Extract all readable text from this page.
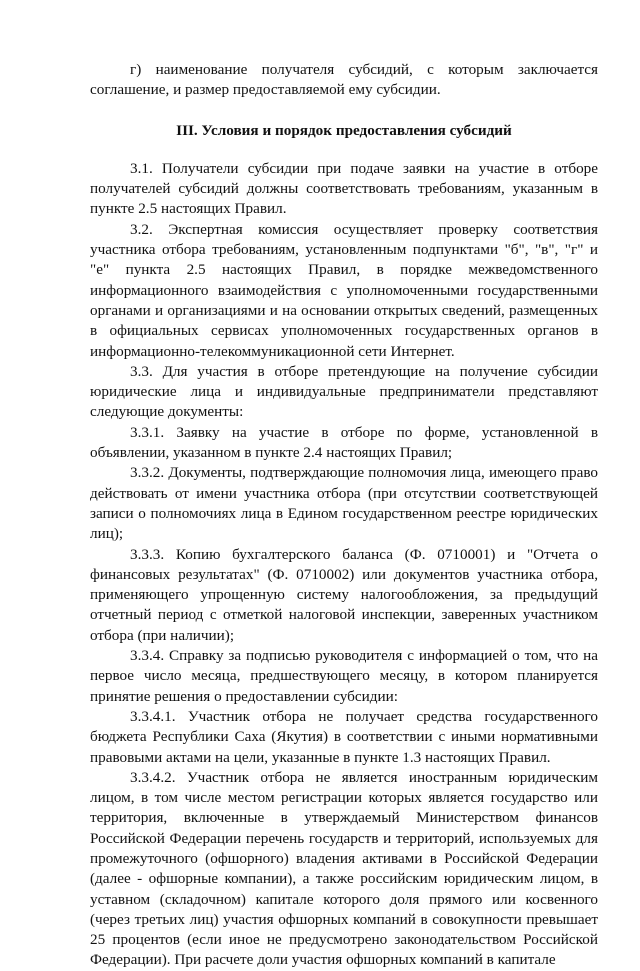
г) наименование получателя субсидий, с которым заключается соглашение, и размер предоставляемой ему субсидии.

III. Условия и порядок предоставления субсидий

3.1. Получатели субсидии при подаче заявки на участие в отборе получателей субсидий должны соответствовать требованиям, указанным в пункте 2.5 настоящих Правил.

3.2. Экспертная комиссия осуществляет проверку соответствия участника отбора требованиям, установленным подпунктами "б", "в", "г" и "е" пункта 2.5 настоящих Правил, в порядке межведомственного информационного взаимодействия с уполномоченными государственными органами и организациями и на основании открытых сведений, размещенных в официальных сервисах уполномоченных государственных органов в информационно-телекоммуникационной сети Интернет.

3.3. Для участия в отборе претендующие на получение субсидии юридические лица и индивидуальные предприниматели представляют следующие документы:

3.3.1. Заявку на участие в отборе по форме, установленной в объявлении, указанном в пункте 2.4 настоящих Правил;

3.3.2. Документы, подтверждающие полномочия лица, имеющего право действовать от имени участника отбора (при отсутствии соответствующей записи о полномочиях лица в Едином государственном реестре юридических лиц);

3.3.3. Копию бухгалтерского баланса (Ф. 0710001) и "Отчета о финансовых результатах" (Ф. 0710002) или документов участника отбора, применяющего упрощенную систему налогообложения, за предыдущий отчетный период с отметкой налоговой инспекции, заверенных участником отбора (при наличии);

3.3.4. Справку за подписью руководителя с информацией о том, что на первое число месяца, предшествующего месяцу, в котором планируется принятие решения о предоставлении субсидии:

3.3.4.1. Участник отбора не получает средства государственного бюджета Республики Саха (Якутия) в соответствии с иными нормативными правовыми актами на цели, указанные в пункте 1.3 настоящих Правил.

3.3.4.2. Участник отбора не является иностранным юридическим лицом, в том числе местом регистрации которых является государство или территория, включенные в утверждаемый Министерством финансов Российской Федерации перечень государств и территорий, используемых для промежуточного (офшорного) владения активами в Российской Федерации (далее - офшорные компании), а также российским юридическим лицом, в уставном (складочном) капитале которого доля прямого или косвенного (через третьих лиц) участия офшорных компаний в совокупности превышает 25 процентов (если иное не предусмотрено законодательством Российской Федерации). При расчете доли участия офшорных компаний в капитале
